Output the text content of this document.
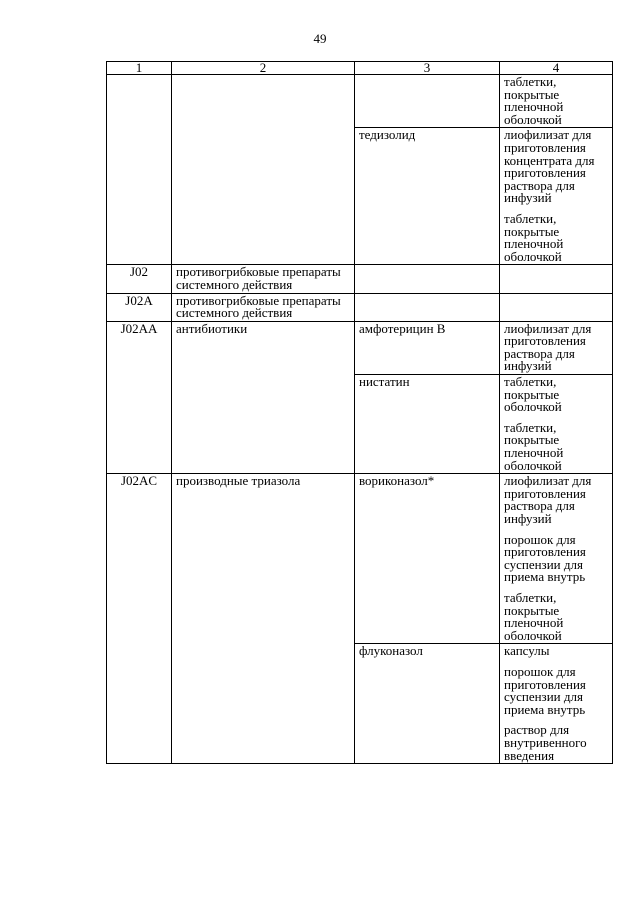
49
1	2	3	4

			таблетки, покрытые пленочной оболочкой

		тедизолид	лиофилизат для приготовления концентрата для приготовления раствора для инфузий
таблетки, покрытые пленочной оболочкой

J02	противогрибковые препараты системного действия		
J02A	противогрибковые препараты системного действия		
J02AA	антибиотики	амфотерицин В	лиофилизат для приготовления раствора для инфузий

		нистатин	таблетки, покрытые оболочкой
таблетки, покрытые пленочной оболочкой

J02AC	производные триазола	вориконазол*	лиофилизат для приготовления раствора для инфузий
порошок для приготовления суспензии для приема внутрь
таблетки, покрытые пленочной оболочкой

		флуконазол	капсулы
порошок для приготовления суспензии для приема внутрь
раствор для внутривенного введения
